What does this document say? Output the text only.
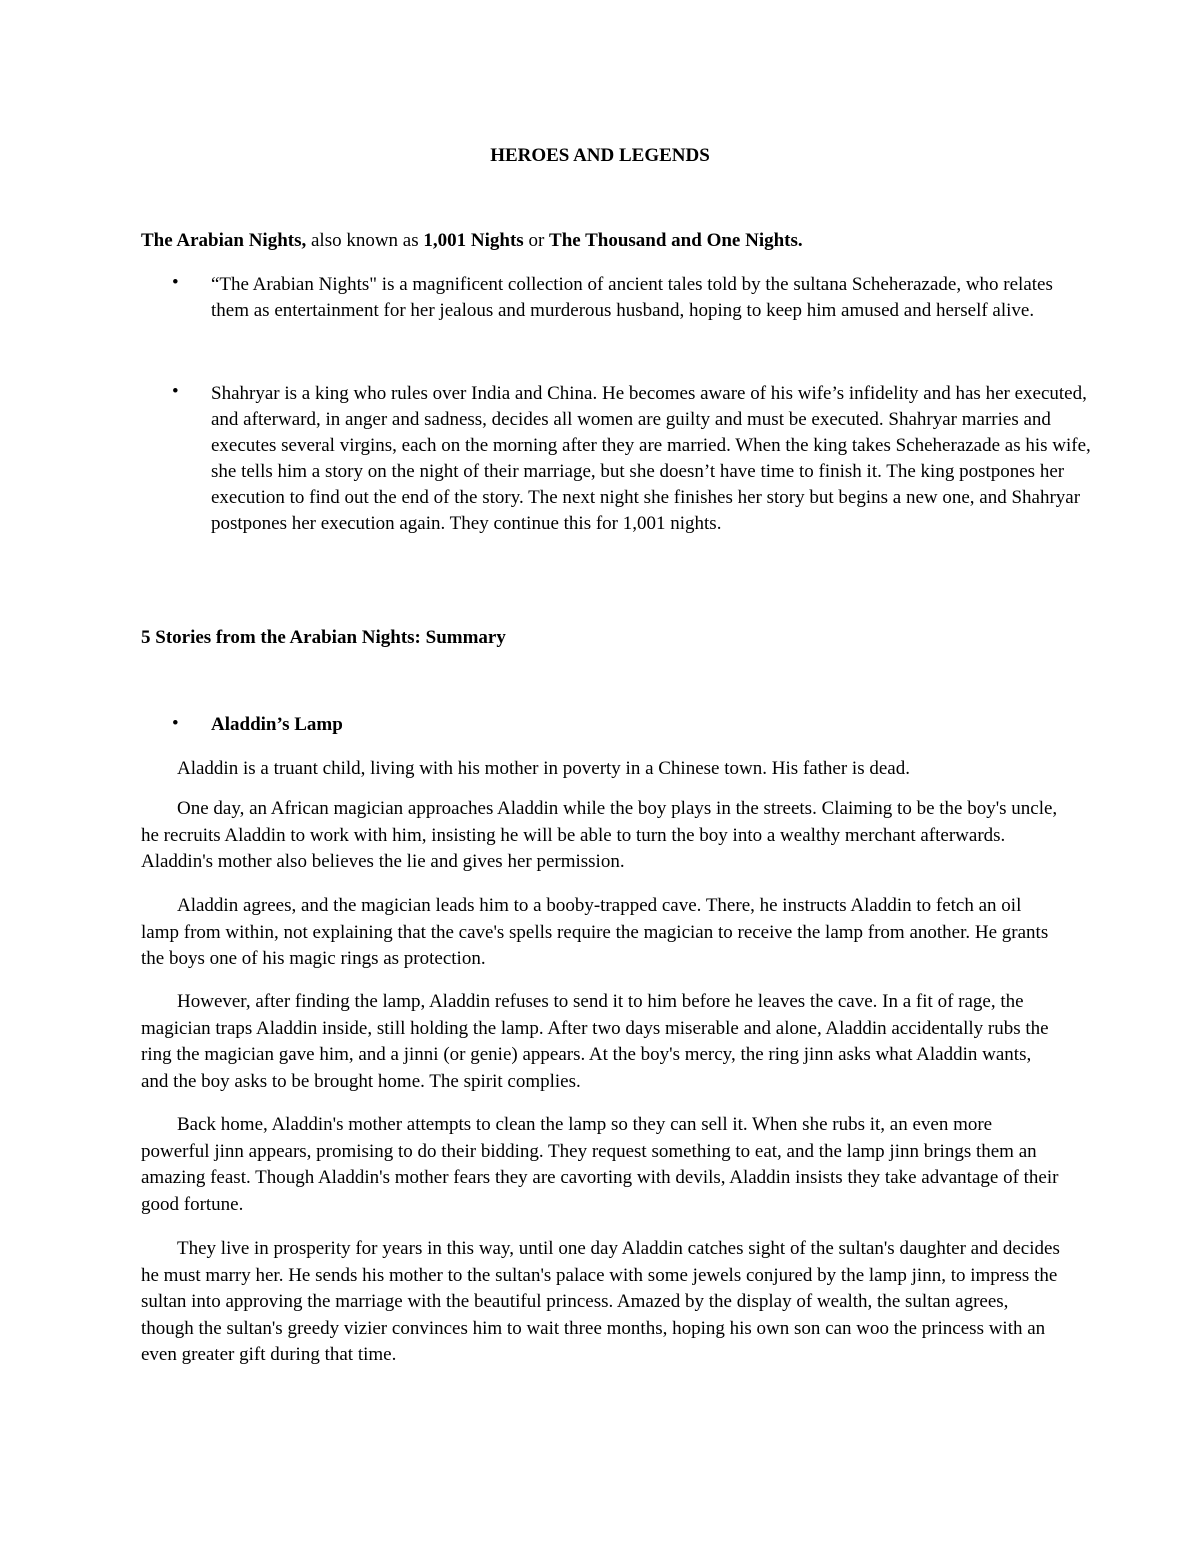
HEROES AND LEGENDS
The Arabian Nights, also known as 1,001 Nights or The Thousand and One Nights.
• “The Arabian Nights" is a magnificent collection of ancient tales told by the sultana Scheherazade, who relates them as entertainment for her jealous and murderous husband, hoping to keep him amused and herself alive.
• Shahryar is a king who rules over India and China. He becomes aware of his wife’s infidelity and has her executed, and afterward, in anger and sadness, decides all women are guilty and must be executed. Shahryar marries and executes several virgins, each on the morning after they are married. When the king takes Scheherazade as his wife, she tells him a story on the night of their marriage, but she doesn’t have time to finish it. The king postpones her execution to find out the end of the story. The next night she finishes her story but begins a new one, and Shahryar postpones her execution again. They continue this for 1,001 nights.
5 Stories from the Arabian Nights: Summary
• Aladdin’s Lamp

Aladdin is a truant child, living with his mother in poverty in a Chinese town. His father is dead.

One day, an African magician approaches Aladdin while the boy plays in the streets. Claiming to be the boy's uncle, he recruits Aladdin to work with him, insisting he will be able to turn the boy into a wealthy merchant afterwards. Aladdin's mother also believes the lie and gives her permission.

Aladdin agrees, and the magician leads him to a booby-trapped cave. There, he instructs Aladdin to fetch an oil lamp from within, not explaining that the cave's spells require the magician to receive the lamp from another. He grants the boys one of his magic rings as protection.

However, after finding the lamp, Aladdin refuses to send it to him before he leaves the cave. In a fit of rage, the magician traps Aladdin inside, still holding the lamp. After two days miserable and alone, Aladdin accidentally rubs the ring the magician gave him, and a jinni (or genie) appears. At the boy's mercy, the ring jinn asks what Aladdin wants, and the boy asks to be brought home. The spirit complies.

Back home, Aladdin's mother attempts to clean the lamp so they can sell it. When she rubs it, an even more powerful jinn appears, promising to do their bidding. They request something to eat, and the lamp jinn brings them an amazing feast. Though Aladdin's mother fears they are cavorting with devils, Aladdin insists they take advantage of their good fortune.

They live in prosperity for years in this way, until one day Aladdin catches sight of the sultan's daughter and decides he must marry her. He sends his mother to the sultan's palace with some jewels conjured by the lamp jinn, to impress the sultan into approving the marriage with the beautiful princess. Amazed by the display of wealth, the sultan agrees, though the sultan's greedy vizier convinces him to wait three months, hoping his own son can woo the princess with an even greater gift during that time.
